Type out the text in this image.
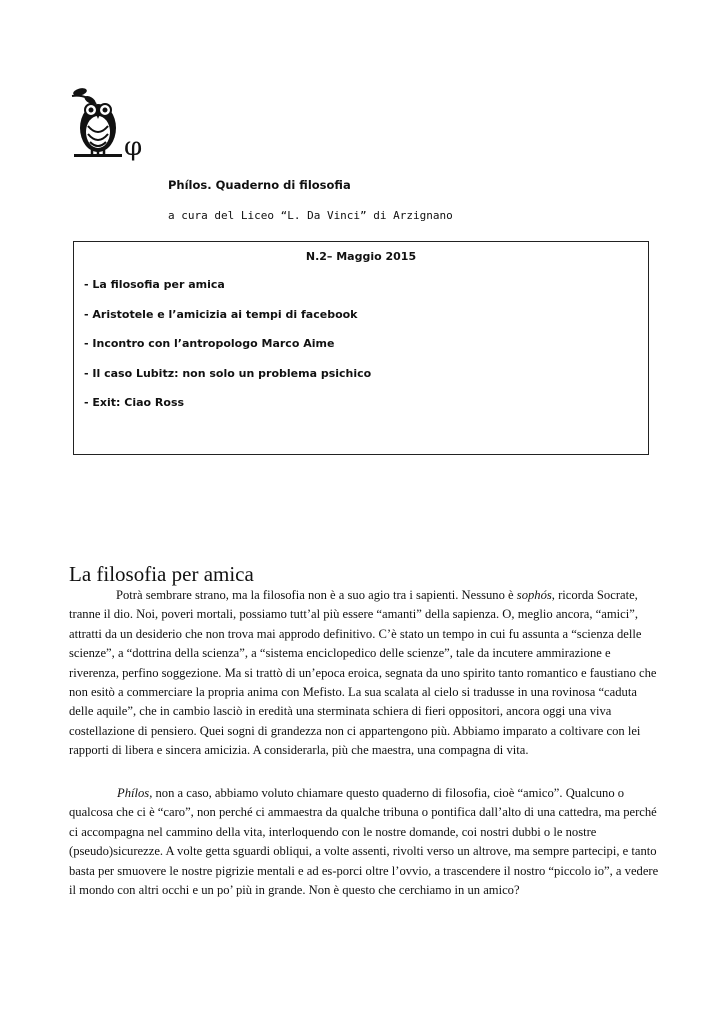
φ
Phílos. Quaderno di filosofia
a cura del Liceo “L. Da Vinci” di Arzignano
N.2– Maggio 2015
- La filosofia per amica
- Aristotele e l’amicizia ai tempi di facebook
- Incontro con l’antropologo Marco Aime
- Il caso Lubitz: non solo un problema psichico
- Exit: Ciao Ross
La filosofia per amica

Potrà sembrare strano, ma la filosofia non è a suo agio tra i sapienti. Nessuno è sophós, ricorda Socrate, tranne il dio. Noi, poveri mortali, possiamo tutt’al più essere “amanti” della sapienza. O, meglio ancora, “amici”, attratti da un desiderio che non trova mai approdo definitivo. C’è stato un tempo in cui fu assunta a “scienza delle scienze”, a “dottrina della scienza”, a “sistema enciclopedico delle scienze”, tale da incutere ammirazione e riverenza, perfino soggezione. Ma si trattò di un’epoca eroica, segnata da uno spirito tanto romantico e faustiano che non esitò a commerciare la propria anima con Mefisto. La sua scalata al cielo si tradusse in una rovinosa “caduta delle aquile”, che in cambio lasciò in eredità una sterminata schiera di fieri oppositori, ancora oggi una viva costellazione di pensiero. Quei sogni di grandezza non ci appartengono più. Abbiamo imparato a coltivare con lei rapporti di libera e sincera amicizia. A considerarla, più che maestra, una compagna di vita.

Phílos, non a caso, abbiamo voluto chiamare questo quaderno di filosofia, cioè “amico”. Qualcuno o qualcosa che ci è “caro”, non perché ci ammaestra da qualche tribuna o pontifica dall’alto di una cattedra, ma perché ci accompagna nel cammino della vita, interloquendo con le nostre domande, coi nostri dubbi o le nostre (pseudo)sicurezze. A volte getta sguardi obliqui, a volte assenti, rivolti verso un altrove, ma sempre partecipi, e tanto basta per smuovere le nostre pigrizie mentali e ad es-porci oltre l’ovvio, a trascendere il nostro “piccolo io”, a vedere il mondo con altri occhi e un po’ più in grande. Non è questo che cerchiamo in un amico?
